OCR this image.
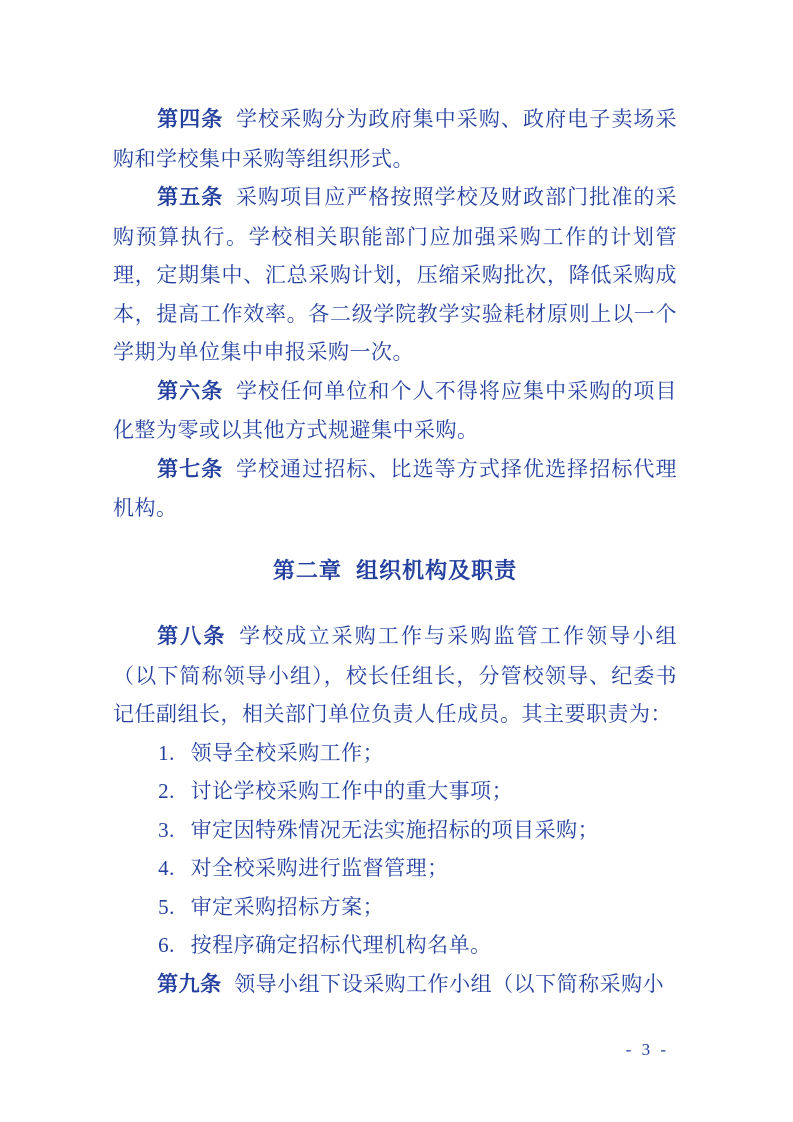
第四条 学校采购分为政府集中采购、政府电子卖场采购和学校集中采购等组织形式。

第五条 采购项目应严格按照学校及财政部门批准的采购预算执行。学校相关职能部门应加强采购工作的计划管理，定期集中、汇总采购计划，压缩采购批次，降低采购成本，提高工作效率。各二级学院教学实验耗材原则上以一个学期为单位集中申报采购一次。

第六条 学校任何单位和个人不得将应集中采购的项目化整为零或以其他方式规避集中采购。

第七条 学校通过招标、比选等方式择优选择招标代理机构。

第二章  组织机构及职责

第八条 学校成立采购工作与采购监管工作领导小组（以下简称领导小组），校长任组长，分管校领导、纪委书记任副组长，相关部门单位负责人任成员。其主要职责为：

1. 领导全校采购工作；

2. 讨论学校采购工作中的重大事项；

3. 审定因特殊情况无法实施招标的项目采购；

4. 对全校采购进行监督管理；

5. 审定采购招标方案；

6. 按程序确定招标代理机构名单。

第九条 领导小组下设采购工作小组（以下简称采购小

- 3 -
